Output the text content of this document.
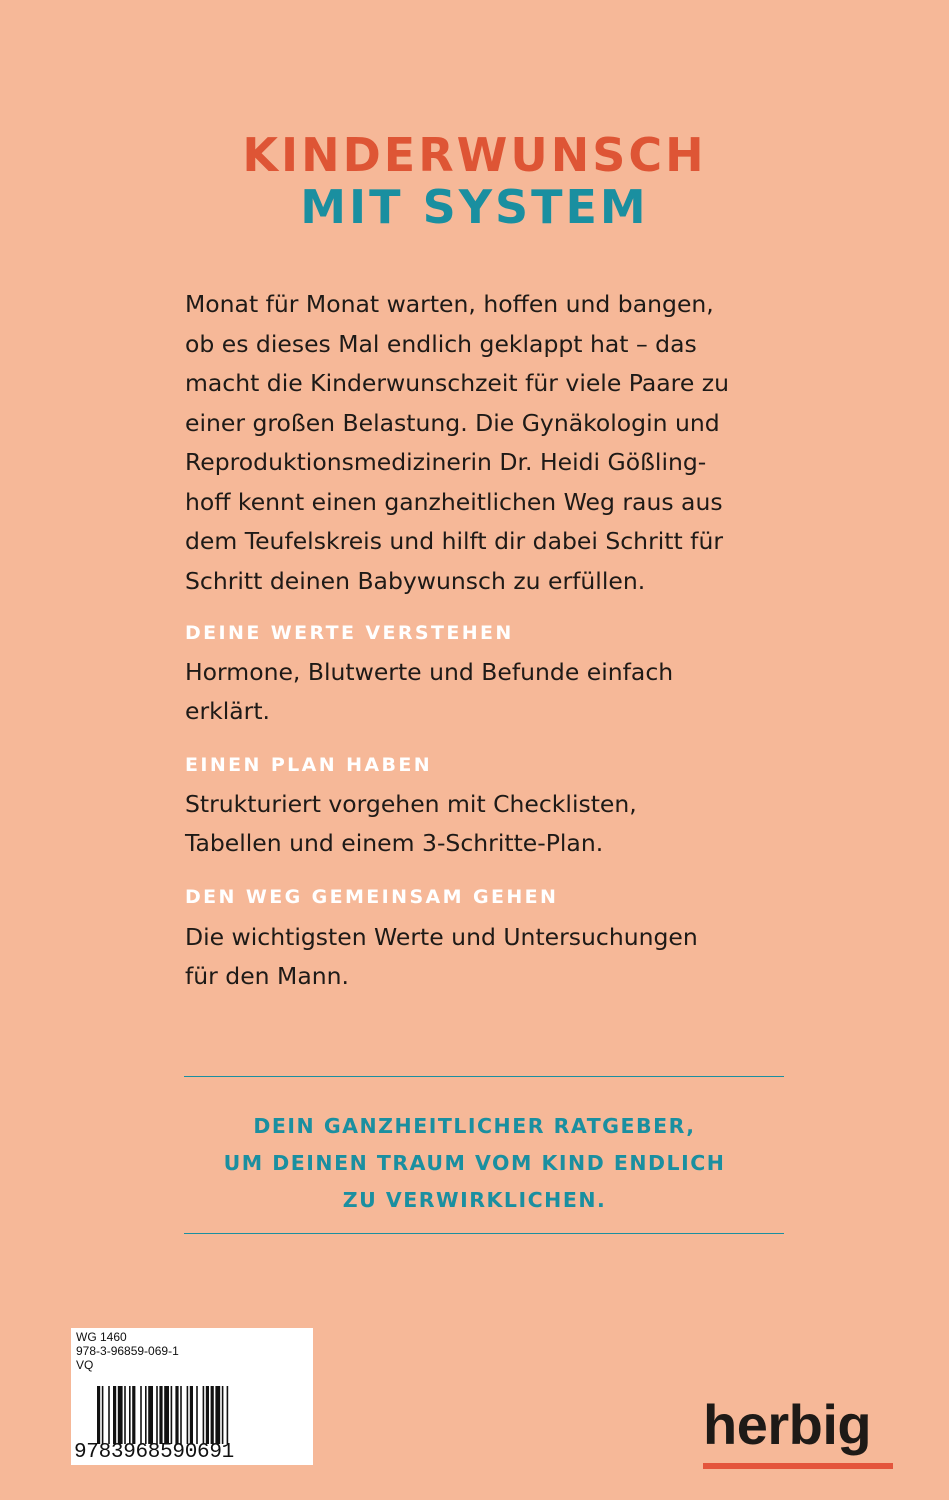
KINDERWUNSCH
MIT SYSTEM
Monat für Monat warten, hoffen und bangen,
ob es dieses Mal endlich geklappt hat – das
macht die Kinderwunschzeit für viele Paare zu
einer großen Belastung. Die Gynäkologin und
Reproduktionsmedizinerin Dr. Heidi Gößling-
hoff kennt einen ganzheitlichen Weg raus aus
dem Teufelskreis und hilft dir dabei Schritt für
Schritt deinen Babywunsch zu erfüllen.
DEINE WERTE VERSTEHEN
Hormone, Blutwerte und Befunde einfach
erklärt.
EINEN PLAN HABEN
Strukturiert vorgehen mit Checklisten,
Tabellen und einem 3-Schritte-Plan.
DEN WEG GEMEINSAM GEHEN
Die wichtigsten Werte und Untersuchungen
für den Mann.
DEIN GANZHEITLICHER RATGEBER,
UM DEINEN TRAUM VOM KIND ENDLICH
ZU VERWIRKLICHEN.
WG 1460
978-3-96859-069-1
VQ
9783968590691	herbig
